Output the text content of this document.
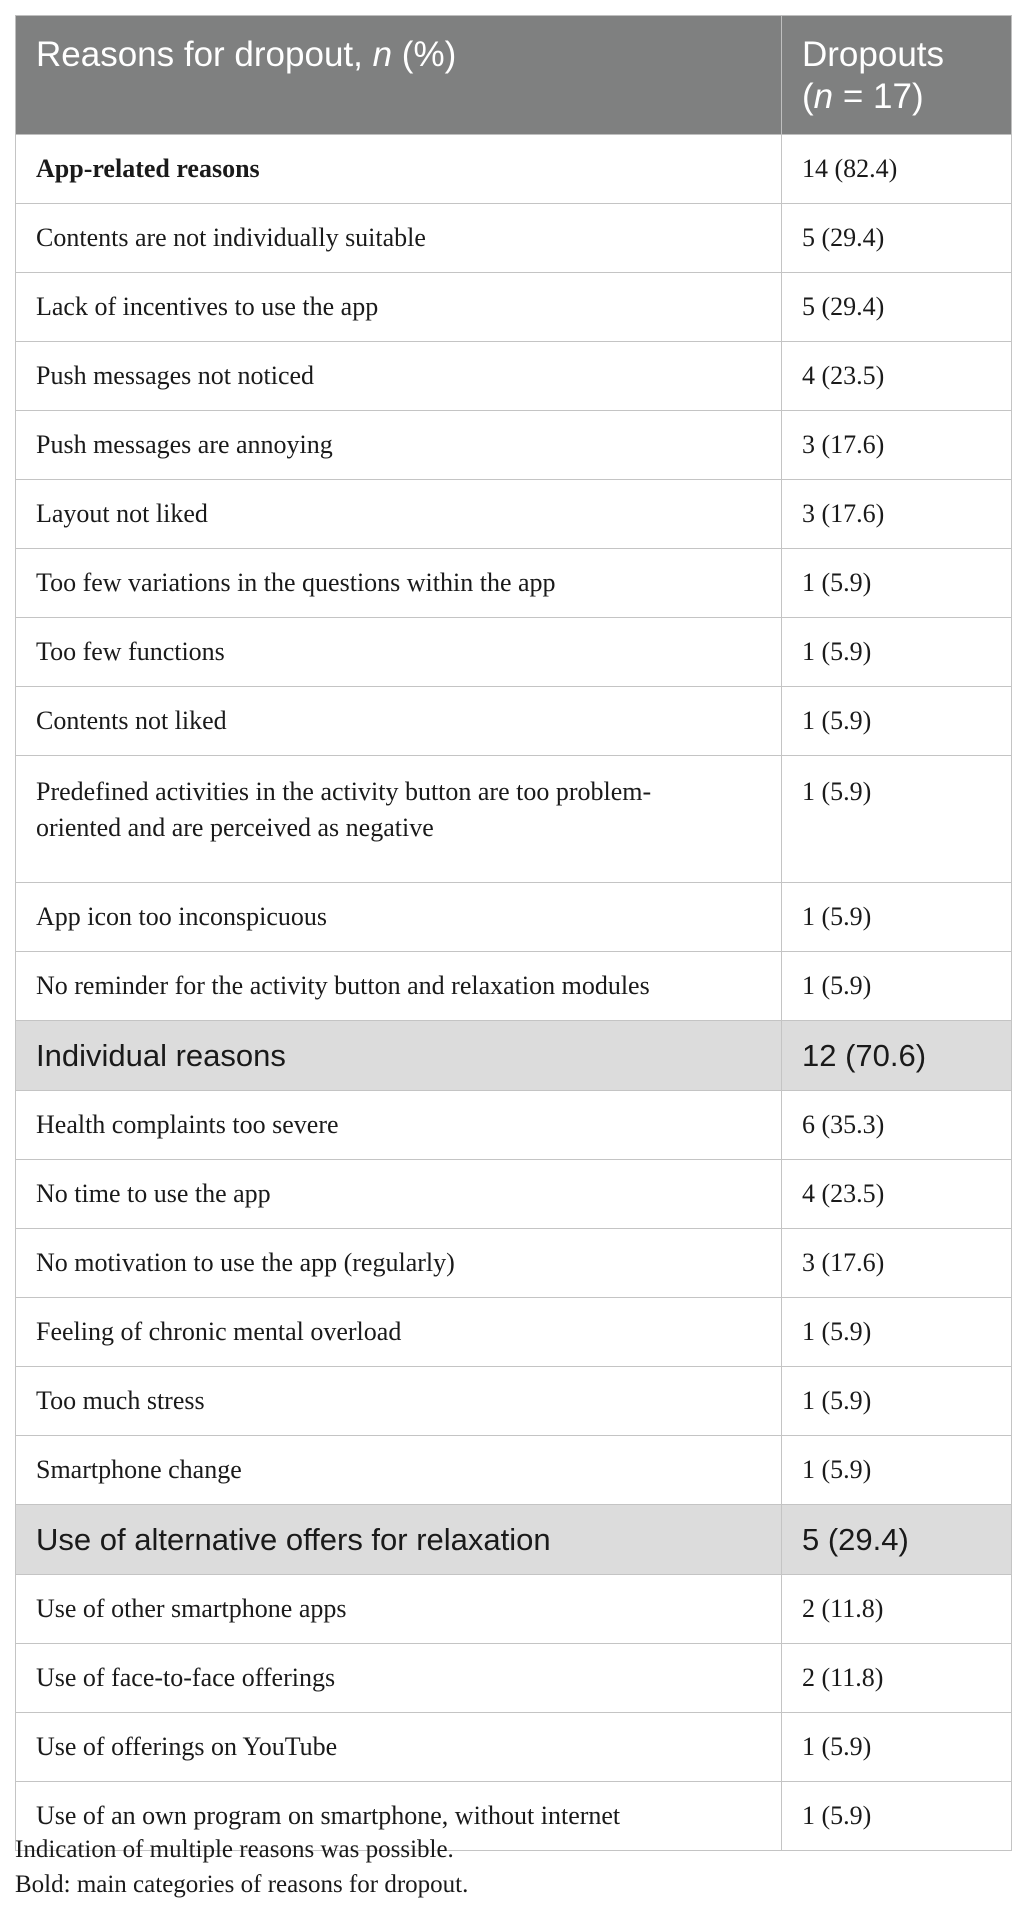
Reasons for dropout, n (%)	Dropouts
(n = 17)
App-related reasons	14 (82.4)
Contents are not individually suitable	5 (29.4)
Lack of incentives to use the app	5 (29.4)
Push messages not noticed	4 (23.5)
Push messages are annoying	3 (17.6)
Layout not liked	3 (17.6)
Too few variations in the questions within the app	1 (5.9)
Too few functions	1 (5.9)
Contents not liked	1 (5.9)
Predefined activities in the activity button are too problem-
oriented and are perceived as negative	1 (5.9)
App icon too inconspicuous	1 (5.9)
No reminder for the activity button and relaxation modules	1 (5.9)
Individual reasons	12 (70.6)
Health complaints too severe	6 (35.3)
No time to use the app	4 (23.5)
No motivation to use the app (regularly)	3 (17.6)
Feeling of chronic mental overload	1 (5.9)
Too much stress	1 (5.9)
Smartphone change	1 (5.9)
Use of alternative offers for relaxation	5 (29.4)
Use of other smartphone apps	2 (11.8)
Use of face-to-face offerings	2 (11.8)
Use of offerings on YouTube	1 (5.9)
Use of an own program on smartphone, without internet	1 (5.9)
Indication of multiple reasons was possible.
Bold: main categories of reasons for dropout.
